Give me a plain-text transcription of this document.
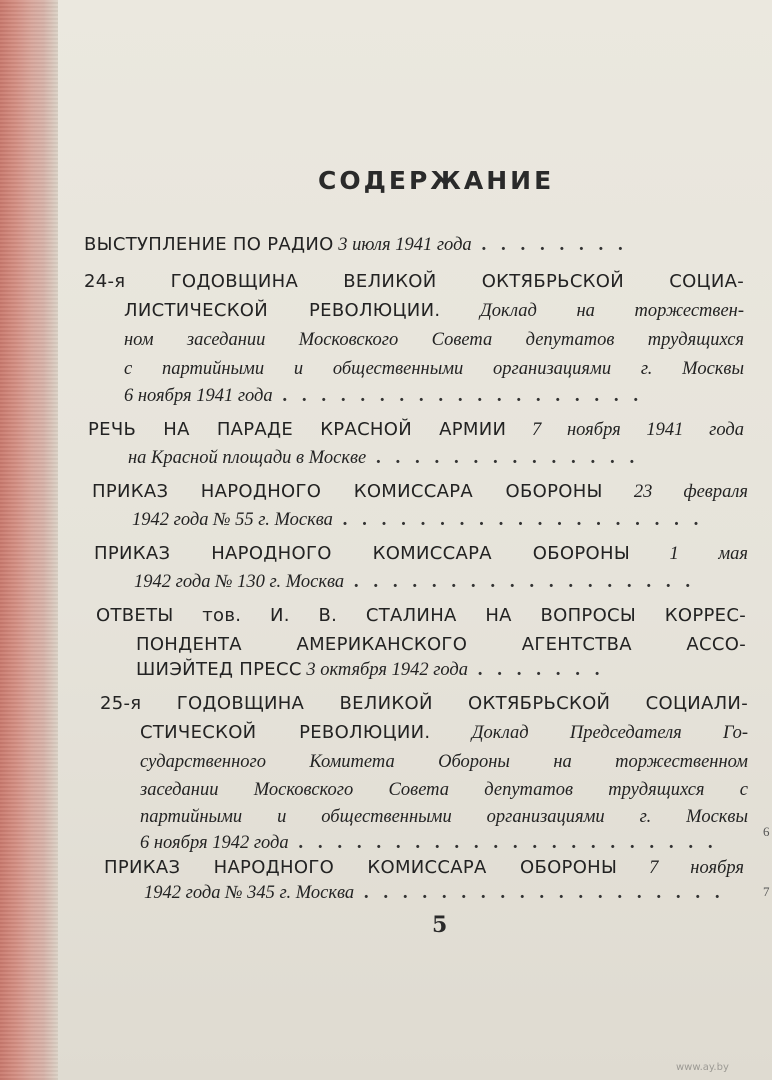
СОДЕРЖАНИЕ
ВЫСТУПЛЕНИЕ ПО РАДИО 3 июля 1941 года . . . . . . . .
24-я ГОДОВЩИНА ВЕЛИКОЙ ОКТЯБРЬСКОЙ СОЦИА-
ЛИСТИЧЕСКОЙ РЕВОЛЮЦИИ. Доклад на торжествен-
ном заседании Московского Совета депутатов трудящихся
с партийными и общественными организациями г. Москвы
6 ноября 1941 года . . . . . . . . . . . . . . . . . . .
РЕЧЬ НА ПАРАДЕ КРАСНОЙ АРМИИ 7 ноября 1941 года
на Красной площади в Москве . . . . . . . . . . . . . .
ПРИКАЗ НАРОДНОГО КОМИССАРА ОБОРОНЫ 23 февраля
1942 года № 55 г. Москва . . . . . . . . . . . . . . . . . . .
ПРИКАЗ НАРОДНОГО КОМИССАРА ОБОРОНЫ 1 мая
1942 года № 130 г. Москва . . . . . . . . . . . . . . . . . .
ОТВЕТЫ тов. И. В. СТАЛИНА НА ВОПРОСЫ КОРРЕС-
ПОНДЕНТА АМЕРИКАНСКОГО АГЕНТСТВА АССО-
ШИЭЙТЕД ПРЕСС 3 октября 1942 года . . . . . . .
25-я ГОДОВЩИНА ВЕЛИКОЙ ОКТЯБРЬСКОЙ СОЦИАЛИ-
СТИЧЕСКОЙ РЕВОЛЮЦИИ. Доклад Председателя Го-
сударственного Комитета Обороны на торжественном
заседании Московского Совета депутатов трудящихся с
партийными и общественными организациями г. Москвы
6 ноября 1942 года . . . . . . . . . . . . . . . . . . . . . .
ПРИКАЗ НАРОДНОГО КОМИССАРА ОБОРОНЫ 7 ноября
1942 года № 345 г. Москва . . . . . . . . . . . . . . . . . . .
6
7
5
www.ay.by
